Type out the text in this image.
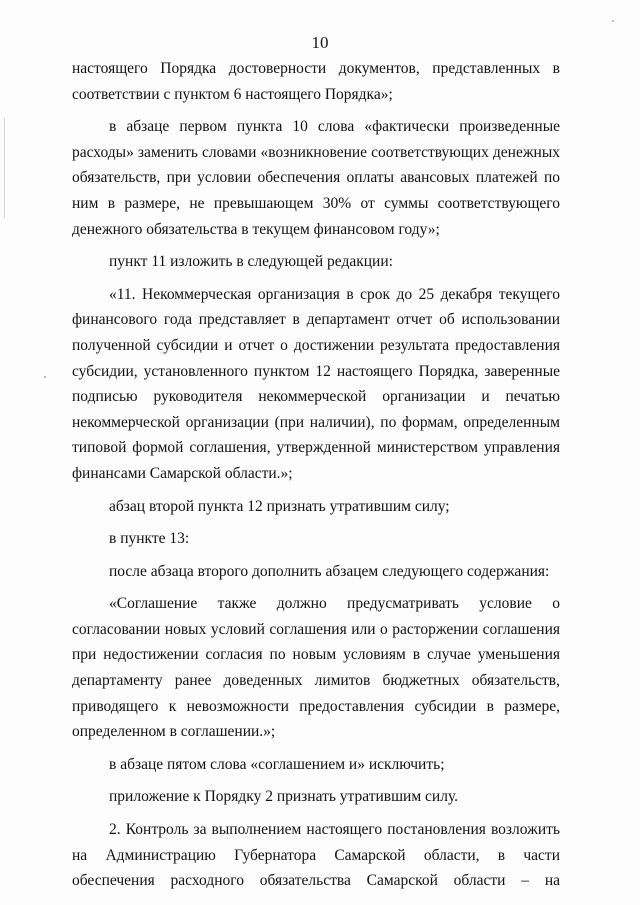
10
настоящего Порядка достоверности документов, представленных в
соответствии с пунктом 6 настоящего Порядка»;
в абзаце первом пункта 10 слова «фактически произведенные
расходы» заменить словами «возникновение соответствующих денежных
обязательств, при условии обеспечения оплаты авансовых платежей по
ним в размере, не превышающем 30% от суммы соответствующего
денежного обязательства в текущем финансовом году»;
пункт 11 изложить в следующей редакции:
«11. Некоммерческая организация в срок до 25 декабря текущего
финансового года представляет в департамент отчет об использовании
полученной субсидии и отчет о достижении результата предоставления
субсидии, установленного пунктом 12 настоящего Порядка, заверенные
подписью руководителя некоммерческой организации и печатью
некоммерческой организации (при наличии), по формам, определенным
типовой формой соглашения, утвержденной министерством управления
финансами Самарской области.»;
абзац второй пункта 12 признать утратившим силу;
в пункте 13:
после абзаца второго дополнить абзацем следующего содержания:
«Соглашение также должно предусматривать условие о
согласовании новых условий соглашения или о расторжении соглашения
при недостижении согласия по новым условиям в случае уменьшения
департаменту ранее доведенных лимитов бюджетных обязательств,
приводящего к невозможности предоставления субсидии в размере,
определенном в соглашении.»;
в абзаце пятом слова «соглашением и» исключить;
приложение к Порядку 2 признать утратившим силу.
2. Контроль за выполнением настоящего постановления возложить
на Администрацию Губернатора Самарской области, в части
обеспечения расходного обязательства Самарской области – на
